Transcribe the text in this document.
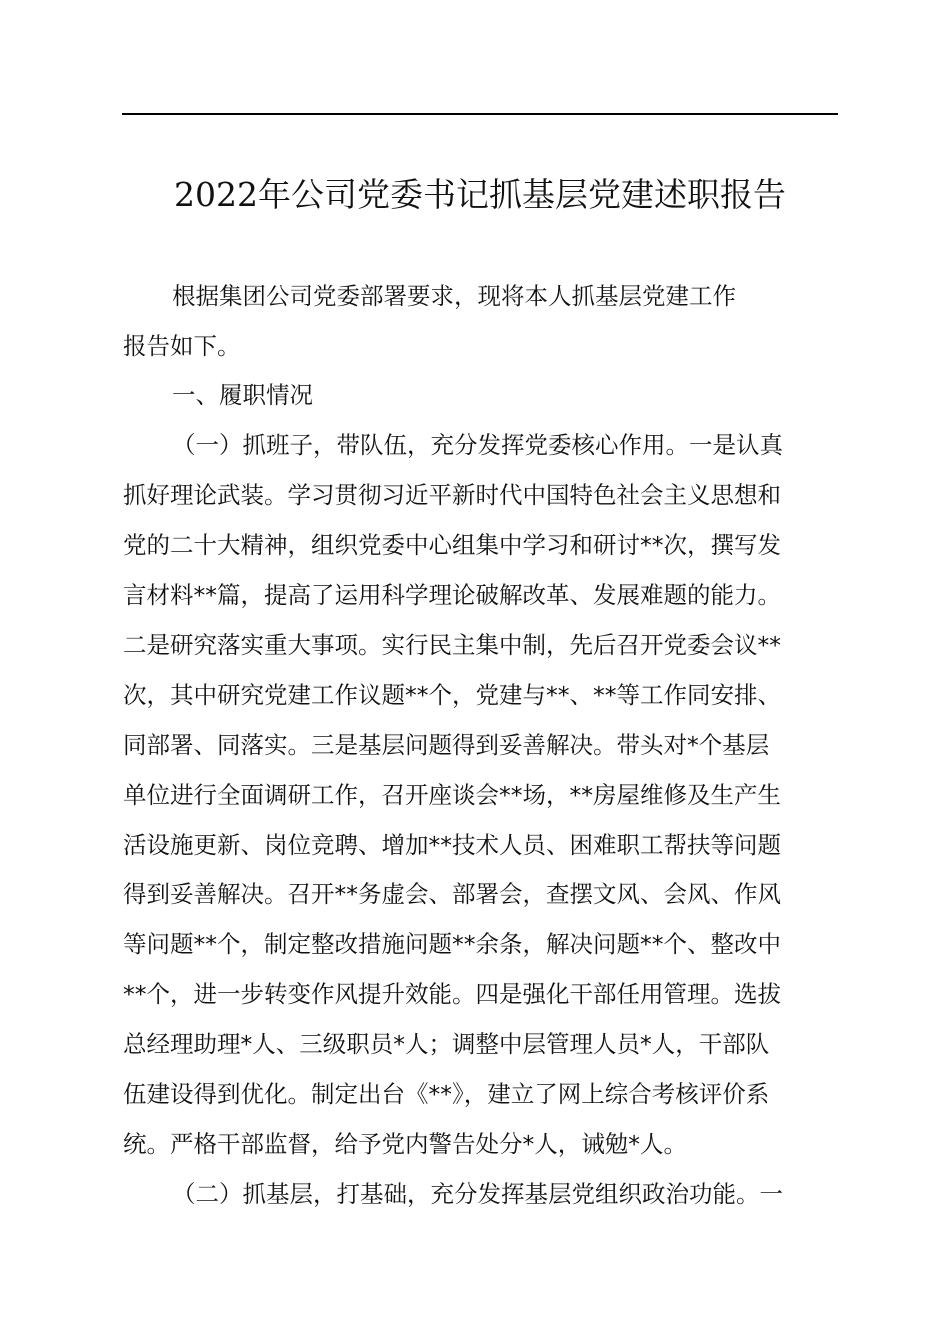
2022年公司党委书记抓基层党建述职报告
根据集团公司党委部署要求，现将本人抓基层党建工作
报告如下。
一、履职情况
（一）抓班子，带队伍，充分发挥党委核心作用。一是认真
抓好理论武装。学习贯彻习近平新时代中国特色社会主义思想和
党的二十大精神，组织党委中心组集中学习和研讨**次，撰写发
言材料**篇，提高了运用科学理论破解改革、发展难题的能力。
二是研究落实重大事项。实行民主集中制，先后召开党委会议**
次，其中研究党建工作议题**个，党建与**、**等工作同安排、
同部署、同落实。三是基层问题得到妥善解决。带头对*个基层
单位进行全面调研工作，召开座谈会**场，**房屋维修及生产生
活设施更新、岗位竞聘、增加**技术人员、困难职工帮扶等问题
得到妥善解决。召开**务虚会、部署会，查摆文风、会风、作风
等问题**个，制定整改措施问题**余条，解决问题**个、整改中
**个，进一步转变作风提升效能。四是强化干部任用管理。选拔
总经理助理*人、三级职员*人；调整中层管理人员*人，干部队
伍建设得到优化。制定出台《**》，建立了网上综合考核评价系
统。严格干部监督，给予党内警告处分*人，诫勉*人。
（二）抓基层，打基础，充分发挥基层党组织政治功能。一
